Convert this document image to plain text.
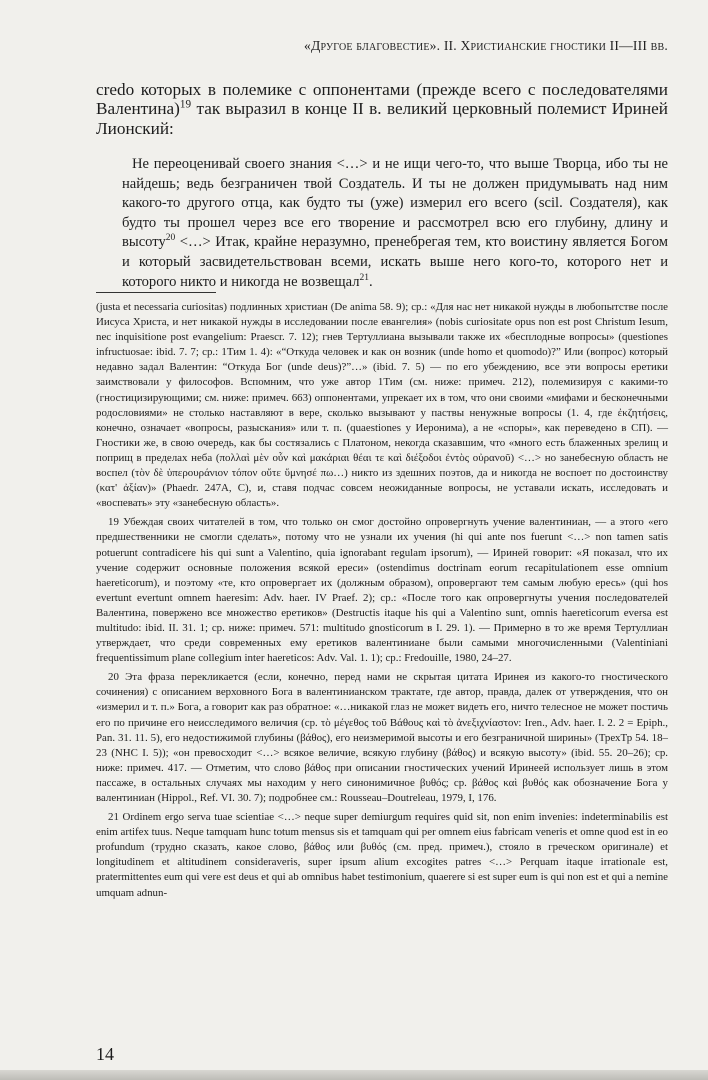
«Другое благовестие». II. Христианские гностики II—III вв.
credo которых в полемике с оппонентами (прежде всего с последователями Валентина)$^{19}$ так выразил в конце II в. великий церковный полемист Ириней Лионский:
Не переоценивай своего знания <…> и не ищи чего-то, что выше Творца, ибо ты не найдешь; ведь безграничен твой Создатель. И ты не должен придумывать над ним какого-то другого отца, как будто ты (уже) измерил его всего (scil. Создателя), как будто ты прошел через все его творение и рассмотрел всю его глубину, длину и высоту$^{20}$ <…> Итак, крайне неразумно, пренебрегая тем, кто воистину является Богом и который засвидетельствован всеми, искать выше него кого-то, которого нет и которого никто и никогда не возвещал$^{21}$.

(justa et necessaria curiositas) подлинных христиан (De anima 58. 9); ср.: «Для нас нет никакой нужды в любопытстве после Иисуса Христа, и нет никакой нужды в исследовании после евангелия» (nobis curiositate opus non est post Christum Iesum, nec inquisitione post evangelium: Praescr. 7. 12); гнев Тертуллиана вызывали также их «бесплодные вопросы» (questiones infructuosae: ibid. 7. 7; ср.: 1Тим 1. 4): «“Откуда человек и как он возник (unde homo et quomodo)?” Или (вопрос) который недавно задал Валентин: “Откуда Бог (unde deus)?”…» (ibid. 7. 5) — по его убеждению, все эти вопросы еретики заимствовали у философов. Вспомним, что уже автор 1Тим (см. ниже: примеч. 212), полемизируя с какими-то (гностицизирующими; см. ниже: примеч. 663) оппонентами, упрекает их в том, что они своими «мифами и бесконечными родословиями» не столько наставляют в вере, сколько вызывают у паствы ненужные вопросы (1. 4, где ἐκζητήσεις, конечно, означает «вопросы, разыскания» или т. п. (quaestiones у Иеронима), а не «споры», как переведено в СП). — Гностики же, в свою очередь, как бы состязались с Платоном, некогда сказавшим, что «много есть блаженных зрелищ и поприщ в пределах неба (πολλαὶ μὲν οὖν καὶ μακάριαι θέαι τε καὶ διέξοδοι ἐντὸς οὐρανοῦ) <…> но занебесную область не воспел (τὸν δὲ ὑπερουράνιον τόπον οὔτε ὕμνησέ πω…) никто из здешних поэтов, да и никогда не воспоет по достоинству (κατ' ἀξίαν)» (Phaedr. 247A, C), и, ставя подчас совсем неожиданные вопросы, не уставали искать, исследовать и «воспевать» эту «занебесную область».

19 Убеждая своих читателей в том, что только он смог достойно опровергнуть учение валентиниан, — а этого «его предшественники не смогли сделать», потому что не узнали их учения (hi qui ante nos fuerunt <…> non tamen satis potuerunt contradicere his qui sunt a Valentino, quia ignorabant regulam ipsorum), — Ириней говорит: «Я показал, что их учение содержит основные положения всякой ереси» (ostendimus doctrinam eorum recapitulationem esse omnium haereticorum), и поэтому «те, кто опровергает их (должным образом), опровергают тем самым любую ересь» (qui hos evertunt evertunt omnem haeresim: Adv. haer. IV Praef. 2); ср.: «После того как опровергнуты учения последователей Валентина, повержено все множество еретиков» (Destructis itaque his qui a Valentino sunt, omnis haereticorum eversa est multitudo: ibid. II. 31. 1; ср. ниже: примеч. 571: multitudo gnosticorum в I. 29. 1). — Примерно в то же время Тертуллиан утверждает, что среди современных ему еретиков валентиниане были самыми многочисленными (Valentiniani frequentissimum plane collegium inter haereticos: Adv. Val. 1. 1); ср.: Fredouille, 1980, 24–27.

20 Эта фраза перекликается (если, конечно, перед нами не скрытая цитата Иринея из какого-то гностического сочинения) с описанием верховного Бога в валентинианском трактате, где автор, правда, далек от утверждения, что он «измерил и т. п.» Бога, а говорит как раз обратное: «…никакой глаз не может видеть его, ничто телесное не может постичь его по причине его неисследимого величия (ср. τὸ μέγεθος τοῦ Βάθους καὶ τὸ ἀνεξιχνίαστον: Iren., Adv. haer. I. 2. 2 = Epiph., Pan. 31. 11. 5), его недостижимой глубины (βάθος), его неизмеримой высоты и его безграничной ширины» (ТрехТр 54. 18–23 (NHC I. 5)); «он превосходит <…> всякое величие, всякую глубину (βάθος) и всякую высоту» (ibid. 55. 20–26); ср. ниже: примеч. 417. — Отметим, что слово βάθος при описании гностических учений Иринеей использует лишь в этом пассаже, в остальных случаях мы находим у него синонимичное βυθός; ср. βάθος καὶ βυθός как обозначение Бога у валентиниан (Hippol., Ref. VI. 30. 7); подробнее см.: Rousseau–Doutreleau, 1979, I, 176.

21 Ordinem ergo serva tuae scientiae <…> neque super demiurgum requires quid sit, non enim invenies: indeterminabilis est enim artifex tuus. Neque tamquam hunc totum mensus sis et tamquam qui per omnem eius fabricam veneris et omne quod est in eo profundum (трудно сказать, какое слово, βάθος или βυθός (см. пред. примеч.), стояло в греческом оригинале) et longitudinem et altitudinem consideraveris, super ipsum alium excogites patres <…> Perquam itaque irrationale est, pratermittentes eum qui vere est deus et qui ab omnibus habet testimonium, quaerere si est super eum is qui non est et qui a nemine umquam adnun-

14
